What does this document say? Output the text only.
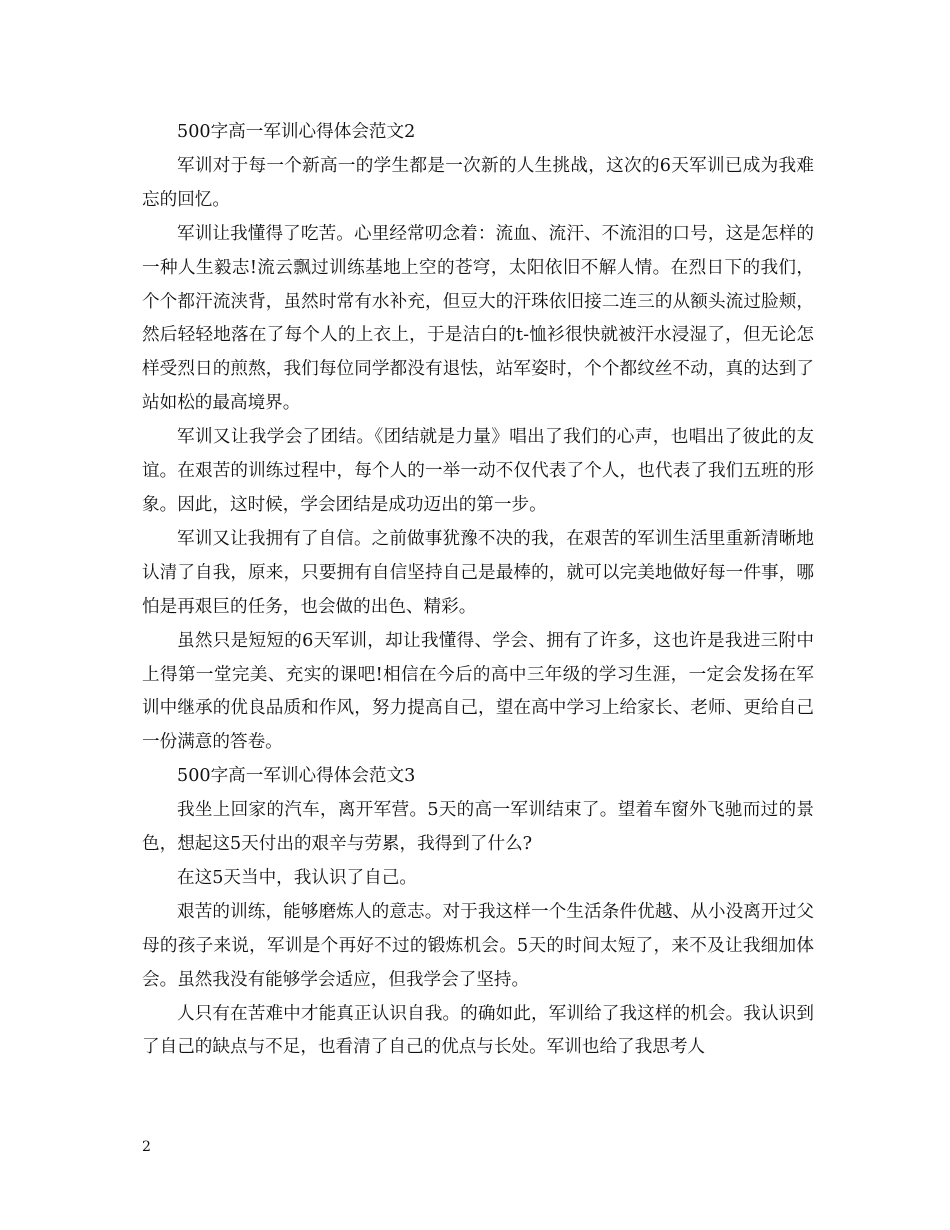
500字高一军训心得体会范文2

军训对于每一个新高一的学生都是一次新的人生挑战，这次的6天军训已成为我难忘的回忆。

军训让我懂得了吃苦。心里经常叨念着：流血、流汗、不流泪的口号，这是怎样的一种人生毅志!流云飘过训练基地上空的苍穹，太阳依旧不解人情。在烈日下的我们，个个都汗流浃背，虽然时常有水补充，但豆大的汗珠依旧接二连三的从额头流过脸颊，然后轻轻地落在了每个人的上衣上，于是洁白的t-恤衫很快就被汗水浸湿了，但无论怎样受烈日的煎熬，我们每位同学都没有退怯，站军姿时，个个都纹丝不动，真的达到了站如松的最高境界。

军训又让我学会了团结。《团结就是力量》唱出了我们的心声，也唱出了彼此的友谊。在艰苦的训练过程中，每个人的一举一动不仅代表了个人，也代表了我们五班的形象。因此，这时候，学会团结是成功迈出的第一步。

军训又让我拥有了自信。之前做事犹豫不决的我，在艰苦的军训生活里重新清晰地认清了自我，原来，只要拥有自信坚持自己是最棒的，就可以完美地做好每一件事，哪怕是再艰巨的任务，也会做的出色、精彩。

虽然只是短短的6天军训，却让我懂得、学会、拥有了许多，这也许是我进三附中上得第一堂完美、充实的课吧!相信在今后的高中三年级的学习生涯，一定会发扬在军训中继承的优良品质和作风，努力提高自己，望在高中学习上给家长、老师、更给自己一份满意的答卷。

500字高一军训心得体会范文3

我坐上回家的汽车，离开军营。5天的高一军训结束了。望着车窗外飞驰而过的景色，想起这5天付出的艰辛与劳累，我得到了什么?

在这5天当中，我认识了自己。

艰苦的训练，能够磨炼人的意志。对于我这样一个生活条件优越、从小没离开过父母的孩子来说，军训是个再好不过的锻炼机会。5天的时间太短了，来不及让我细加体会。虽然我没有能够学会适应，但我学会了坚持。

人只有在苦难中才能真正认识自我。的确如此，军训给了我这样的机会。我认识到了自己的缺点与不足，也看清了自己的优点与长处。军训也给了我思考人

2
